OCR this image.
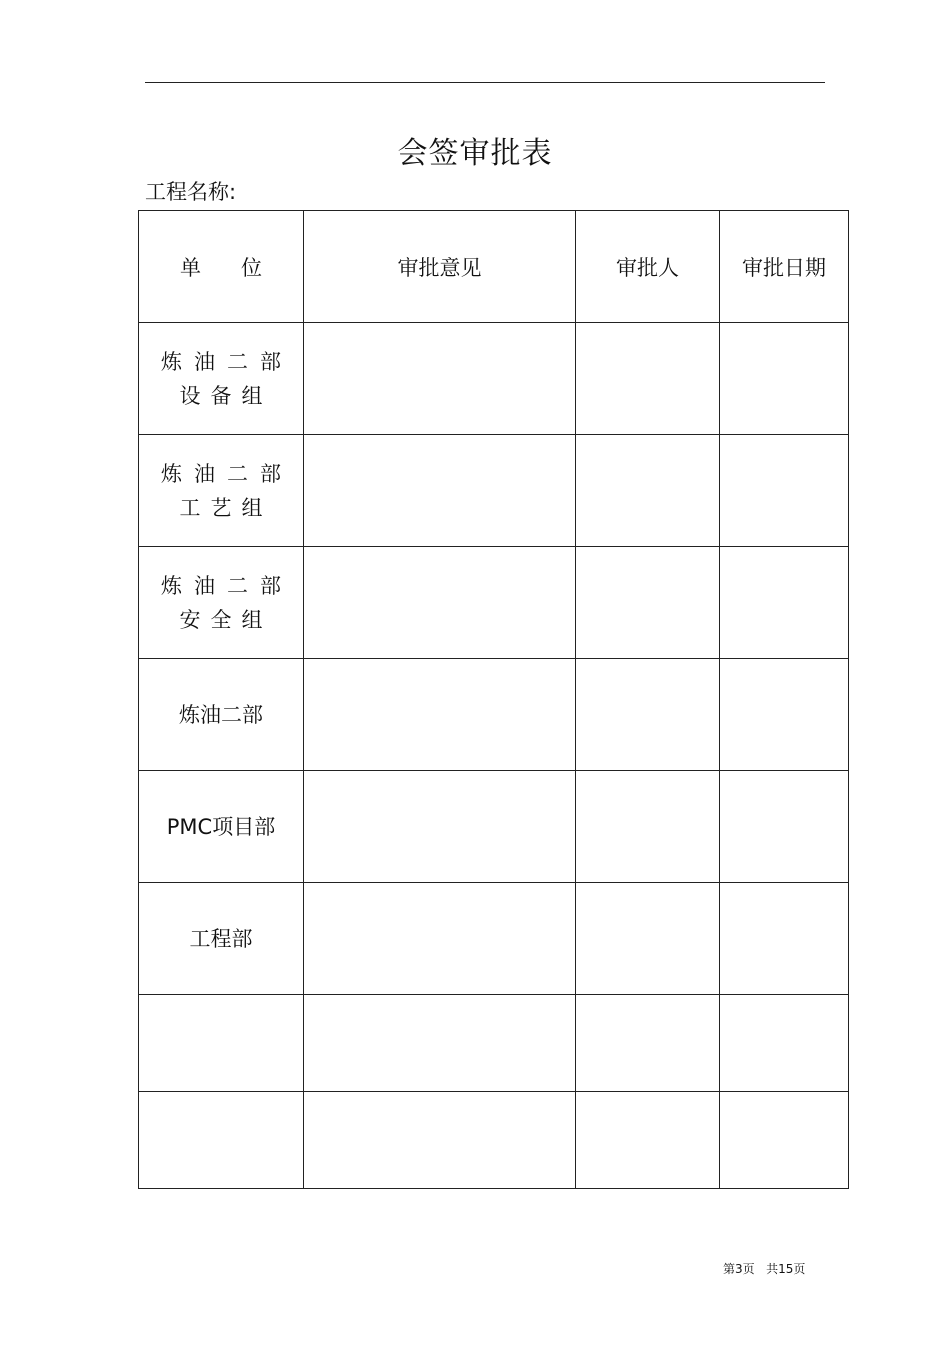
会签审批表
工程名称:
单位	审批意见	审批人	审批日期

炼油二部
设备组			

炼油二部
工艺组			

炼油二部
安全组			

炼油二部			

PMC项目部			

工程部			

第3页   共15页
